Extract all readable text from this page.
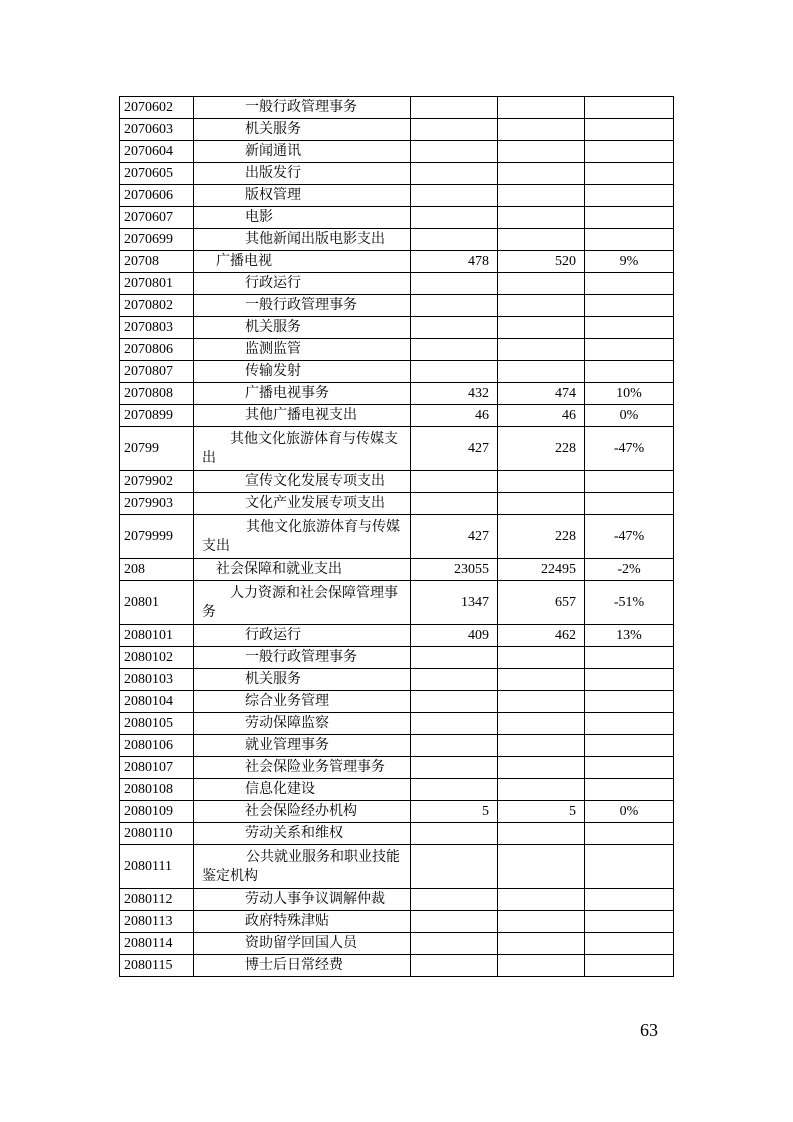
2070602	一般行政管理事务			
2070603	机关服务			
2070604	新闻通讯			
2070605	出版发行			
2070606	版权管理			
2070607	电影			
2070699	其他新闻出版电影支出			
20708	广播电视	478	520	9%
2070801	行政运行			
2070802	一般行政管理事务			
2070803	机关服务			
2070806	监测监管			
2070807	传输发射			
2070808	广播电视事务	432	474	10%
2070899	其他广播电视支出	46	46	0%
20799	其他文化旅游体育与传媒支出	427	228	-47%
2079902	宣传文化发展专项支出			
2079903	文化产业发展专项支出			
2079999	其他文化旅游体育与传媒支出	427	228	-47%
208	社会保障和就业支出	23055	22495	-2%
20801	人力资源和社会保障管理事务	1347	657	-51%
2080101	行政运行	409	462	13%
2080102	一般行政管理事务			
2080103	机关服务			
2080104	综合业务管理			
2080105	劳动保障监察			
2080106	就业管理事务			
2080107	社会保险业务管理事务			
2080108	信息化建设			
2080109	社会保险经办机构	5	5	0%
2080110	劳动关系和维权			
2080111	公共就业服务和职业技能鉴定机构			
2080112	劳动人事争议调解仲裁			
2080113	政府特殊津贴			
2080114	资助留学回国人员			
2080115	博士后日常经费			
63
